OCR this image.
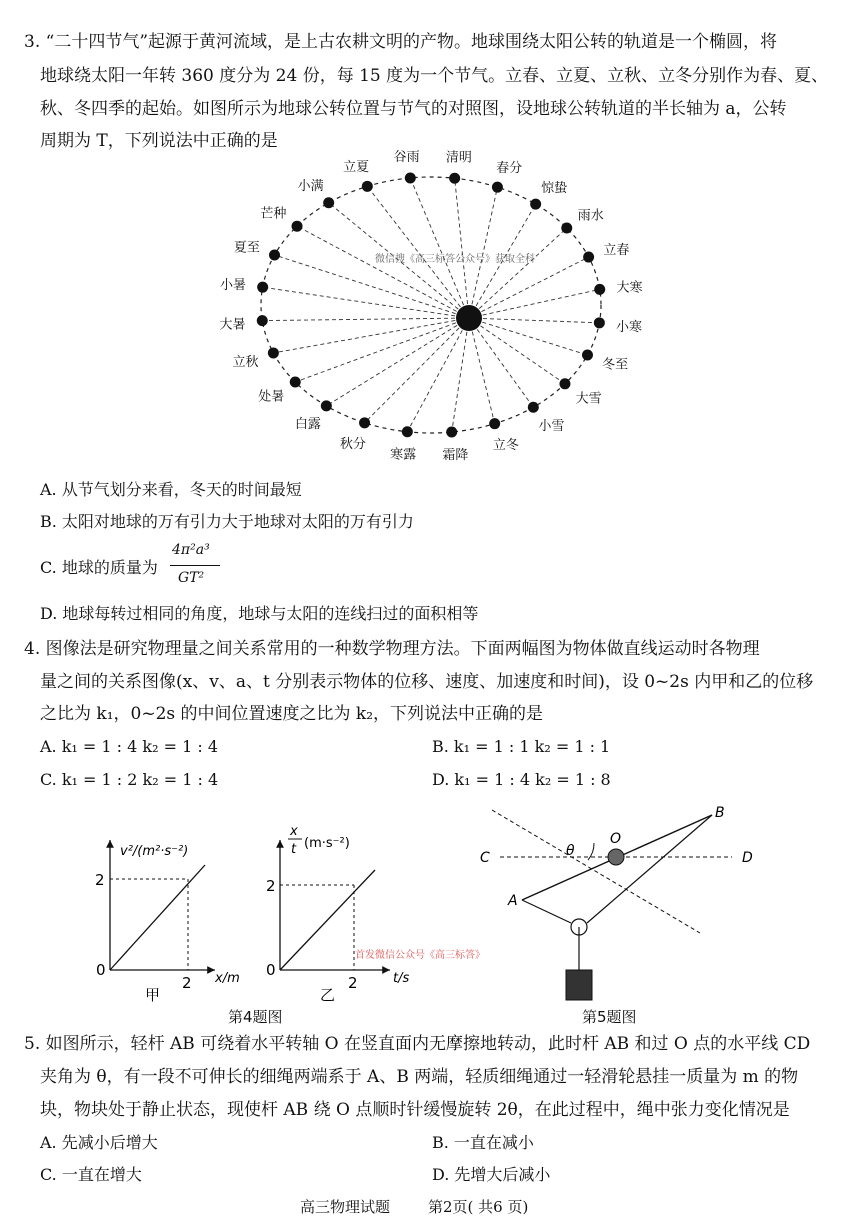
3. “二十四节气”起源于黄河流域，是上古农耕文明的产物。地球围绕太阳公转的轨道是一个椭圆，将
地球绕太阳一年转 360 度分为 24 份，每 15 度为一个节气。立春、立夏、立秋、立冬分别作为春、夏、
秋、冬四季的起始。如图所示为地球公转位置与节气的对照图，设地球公转轨道的半长轴为 a，公转
周期为 T，下列说法中正确的是
立夏
谷雨 清明
春分
惊蛰
雨水
立春
大寒
小寒
冬至
大雪
小雪
立冬
霜降
寒露
秋分
白露
处暑
立秋
大暑
小暑
夏至
芒种
小满
微信搜《高三标答公众号》获取全科
A. 从节气划分来看，冬天的时间最短
B. 太阳对地球的万有引力大于地球对太阳的万有引力
C. 地球的质量为
4π²a³
GT²
D. 地球每转过相同的角度，地球与太阳的连线扫过的面积相等
4. 图像法是研究物理量之间关系常用的一种数学物理方法。下面两幅图为物体做直线运动时各物理
量之间的关系图像(x、v、a、t 分别表示物体的位移、速度、加速度和时间)，设 0~2s 内甲和乙的位移
之比为 k₁，0~2s 的中间位置速度之比为 k₂，下列说法中正确的是
A. k₁ = 1 : 4 k₂ = 1 : 4	B. k₁ = 1 : 1 k₂ = 1 : 1
C. k₁ = 1 : 2 k₂ = 1 : 4	D. k₁ = 1 : 4 k₂ = 1 : 8
v²/(m²·s⁻²)
2
2
0	x/m
甲
x
t (m·s⁻²)
2
2
0	t/s
乙
首发微信公众号《高三标答》
第4题图
B
O
θ
C	D
A
第5题图
5. 如图所示，轻杆 AB 可绕着水平转轴 O 在竖直面内无摩擦地转动，此时杆 AB 和过 O 点的水平线 CD
夹角为 θ，有一段不可伸长的细绳两端系于 A、B 两端，轻质细绳通过一轻滑轮悬挂一质量为 m 的物
块，物块处于静止状态，现使杆 AB 绕 O 点顺时针缓慢旋转 2θ，在此过程中，绳中张力变化情况是
A. 先减小后增大	B. 一直在减小
C. 一直在增大	D. 先增大后减小
高三物理试题	第2页( 共6 页)
